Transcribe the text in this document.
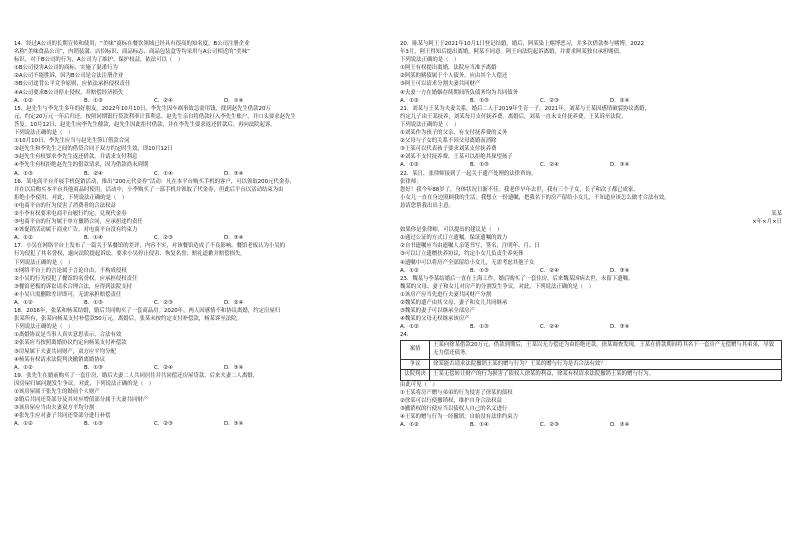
14．经过A公司的长期宣传和使用，“美味”商标在餐饮领域已经具有很高的知名度。B公司注册企业

名称“美味食品公司”，内销装潢、店招标识、商品标志、商品包装盒等均采用与A公司相近的“美味”

标识。对于B公司的行为，A公司为了维护、保护权益，依法可以（　）

①B公司侵害A公司的商标，实施了混淆行为

②A公司不能胜诉，因为B公司是合法注册企业

③B公司违背公平竞争原则，应依法承担侵权责任

④A公司要求B公司停止侵权，并赔偿经济损失

A．①②	B．①③	C．②④	D．①④

15．赵先生与李先生多年的好朋友。2022年10月10日，李先生因车祸事故急需用钱，找到赵先生借款20万

元，约定20万元一年后归还，按照同期银行贷款利率计算利息。赵先生亲自将借款打入李先生账户，并口头要求赵先生

答复。10月12日，赵先生向李先生催款，赵先生因此拒付借款，并在李先生要求返还借款后，再向法院起诉。

下列说法正确的是（　）

①10月10日，李先生应当与赵先生签订借款合同

②赵先生和李先生之间的借贷合同于双方约定时生效，即10月12日

③赵先生有权要求李先生返还借款，并请求支付利息

④李先生有权拒绝赵先生的借款请求，因为借款尚未到期

A．①③	B．②④	C．①④	D．③④

16．某电商平台开展手机促销活动，推出“200元代金券”活动：凡在本平台购买手机的客户，可以领取200元代金券，

并在以后购买本平台其他商品时使用。活动中，小李购买了一部手机并领取了代金券，但此后平台以活动结束为由

拒绝小李使用。对此，下列说法正确的是（　）

①电商平台的行为侵害了消费者的合法权益

②小李有权要求电商平台履行约定，兑现代金券

③电商平台的行为属于单方撤销合同，应承担违约责任

④该促销活动属于商业广告，对电商平台没有约束力

A．①②	B．①④	C．②③	D．③④

17．小吴在网络平台上发布了一篇关于某餐馆的差评，内容不实，对该餐馆造成了不良影响。餐馆老板认为小吴的

行为侵犯了其名誉权，遂向法院提起诉讼，要求小吴停止侵害、恢复名誉、赔礼道歉并赔偿损失。

下列说法正确的是（　）

①网络平台上的言论属于言论自由，不构成侵权

②小吴的行为侵犯了餐馆的名誉权，应承担侵权责任

③餐馆老板的诉讼请求合理合法，应得到法院支持

④小吴只需删除差评即可，无需承担赔偿责任

A．①②	B．①③	C．②③	D．②④

18．2016年，张某和杨某结婚，婚后共同购买了一套商品房。2020年，两人因感情不和协议离婚，约定房屋归

张某所有，张某向杨某支付补偿款50万元。离婚后，张某未按约定支付补偿款，杨某诉至法院。

下列说法正确的是（　）

①离婚协议是当事人真实意思表示，合法有效

②张某应当按照离婚协议约定向杨某支付补偿款

③房屋属于夫妻共同财产，双方应平均分配

④杨某有权请求法院判决撤销离婚协议

A．①②	B．①③	C．②④	D．③④

19．张先生在婚前购买了一套住房，婚后夫妻二人共同居住并共同偿还房屋贷款。后来夫妻二人离婚，

因房屋归属问题发生争议。对此，下列说法正确的是（　）

①该房屋属于张先生的婚前个人财产

②婚后共同还贷部分及其对应增值部分属于夫妻共同财产

③该房屋应当由夫妻双方平均分割

④张先生应对妻子共同还贷部分进行补偿

A．①②	B．①③	C．②③	D．③④

20．陈某与阿王于2021年10月1日登记结婚。婚后，阿某染上赌博恶习，并多次借款参与赌博。2022

年3月，阿王得知后提出离婚，阿某不同意。阿王向法院起诉离婚，并要求阿某独自承担赌债。

下列说法正确的是（　）

①阿王有权提出离婚，法院应当准予离婚

②阿某的赌债属于个人债务，应由其个人偿还

③阿王可以请求分割夫妻共同财产

④夫妻一方在婚姻存续期间所负债务均为共同债务

A．①②	B．①③	C．②③	D．②④

21．刘某与王某为夫妻关系，婚后二人于2019年生育一子。2021年，刘某与王某因感情破裂协议离婚，

约定儿子由王某抚养，刘某每月支付抚养费。离婚后，刘某一直未支付抚养费，王某诉至法院。

下列说法正确的是（　）

①刘某作为孩子的父亲，有支付抚养费的义务

②父母与子女的关系不因父母离婚而消除

③王某可以代表孩子要求刘某支付抚养费

④刘某不支付抚养费，王某可以拒绝其探望孩子

A．①②	B．①③	C．②④	D．③④

22．某日，张律师接到了一起关于遗产处理的法律咨询。

张律师：

您好！我今年88岁了，身体状况日渐不佳。我老伴早年去世，我有三个子女，长子和次子都已成家，

小女儿一直在身边照顾我的生活。我想立一份遗嘱，把我名下的房产留给小女儿，不知道应该怎么做才合法有效。

恳请您帮我出出主意。

某某

×年×月×日

如果你是张律师，可以提出的建议是（　）

①通过公证的方式订立遗嘱，保证遗嘱的效力

②自书遗嘱应当由遗嘱人亲笔书写，签名，注明年、月、日

③可以订立遗赠扶养协议，约定小女儿负责生养死葬

④遗嘱中可以将房产全部留给小女儿，无需考虑其他子女

A．①②	B．①③	C．②④	D．③④

23．魏某与李某结婚后一直在上海工作，婚后购买了一套住房。后来魏某因病去世，未留下遗嘱。

魏某的父母、妻子和女儿对房产的分割发生争议。对此，下列说法正确的是（　）

①该房产应当先进行夫妻共同财产分割

②魏某的遗产由其父母、妻子和女儿共同继承

③魏某的妻子可以继承全部房产

④魏某的父母无权继承该房产

A．①②	B．①③	C．②④	D．③④

24．

案情	王某向徐某借款20万元，借款到期后，王某以无力偿还为由拒绝还款。徐某调查发现，王某在借款期间将其名下一套房产无偿赠与其弟弟，导致无力偿还债务。
争议	徐某能否请求法院撤销王某的赠与行为？王某的赠与行为是否合法有效？
法院判决	王某无偿转让财产的行为损害了债权人徐某的利益，徐某有权请求法院撤销王某的赠与行为。

由此可见（　）

①王某将房产赠与弟弟的行为侵害了徐某的债权

②徐某可以行使撤销权，维护自身合法权益

③撤销权的行使应当以债权人自己的名义进行

④王某的赠与行为一经撤销，自始没有法律约束力

A．①②	B．①④	C．②③	D．③④
